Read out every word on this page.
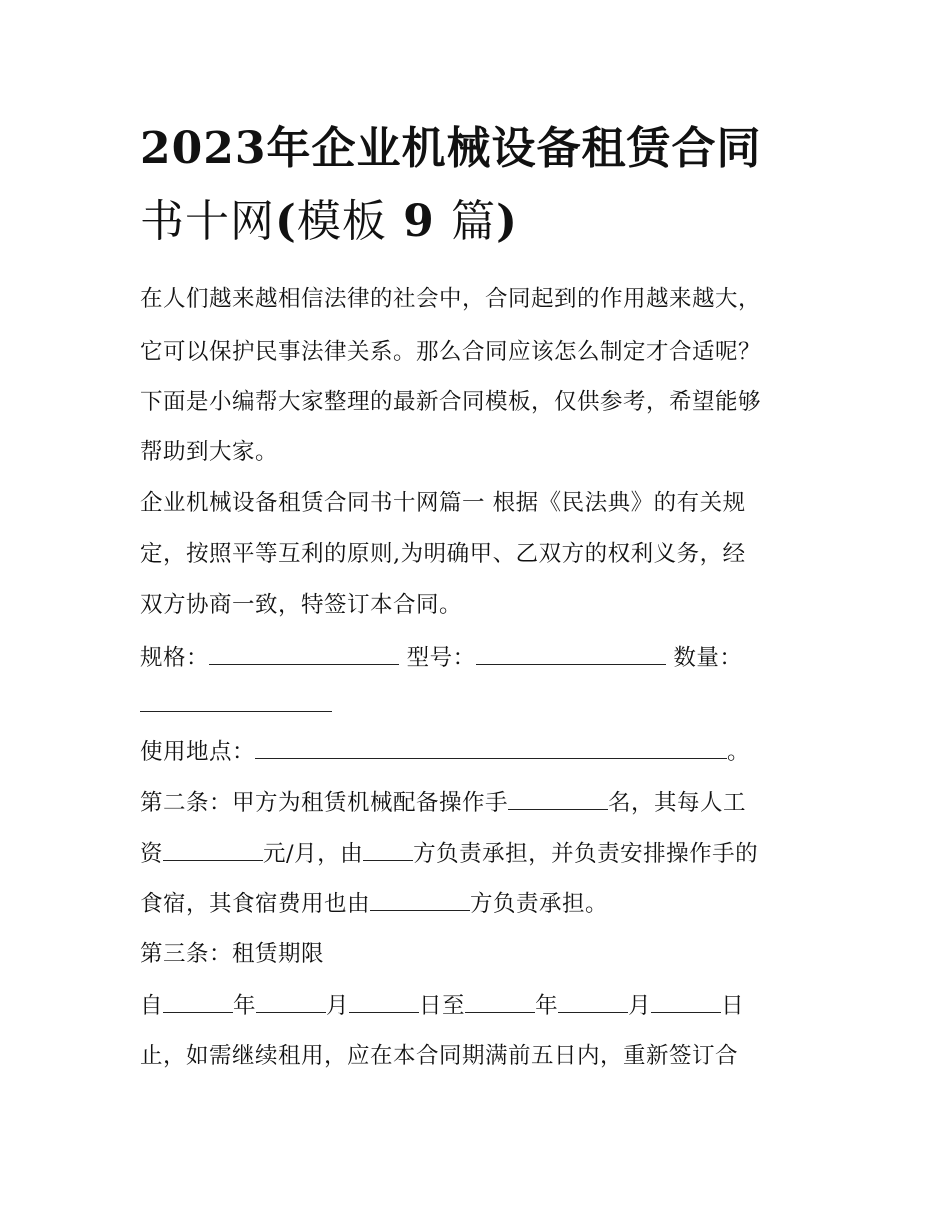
2023年企业机械设备租赁合同
书十网(模板 9 篇)

在人们越来越相信法律的社会中，合同起到的作用越来越大，

它可以保护民事法律关系。那么合同应该怎么制定才合适呢？

下面是小编帮大家整理的最新合同模板，仅供参考，希望能够

帮助到大家。

企业机械设备租赁合同书十网篇一 根据《民法典》的有关规

定，按照平等互利的原则,为明确甲、乙双方的权利义务，经

双方协商一致，特签订本合同。

规格：	型号：	数量：

使用地点：	。

第二条：甲方为租赁机械配备操作手	名，其每人工

资	元/月，由 方负责承担，并负责安排操作手的

食宿，其食宿费用也由	方负责承担。

第三条：租赁期限

自	年	月	日至	年	月	日

止，如需继续租用，应在本合同期满前五日内，重新签订合
